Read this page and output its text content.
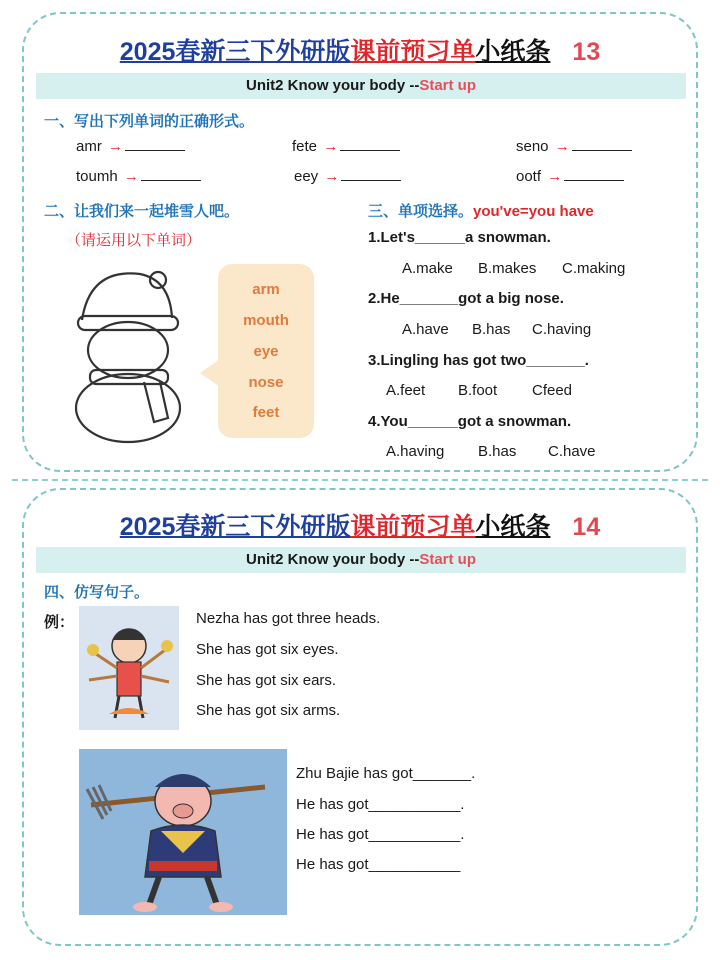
2025春新三下外研版课前预习单小纸条 13
Unit2 Know your body --Start up
一、写出下列单词的正确形式。
amr →	fete →	seno →
toumh →	eey →	ootf →
二、让我们来一起堆雪人吧。
（请运用以下单词）
arm
mouth
eye
nose
feet
三、单项选择。you've=you have
1.Let's______a snowman.
A.make B.makes C.making
2.He_______got a big nose.
A.have B.has C.having
3.Lingling has got two_______.
A.feet B.foot Cfeed
4.You______got a snowman.
A.having B.has C.have
2025春新三下外研版课前预习单小纸条 14
Unit2 Know your body --Start up
四、仿写句子。
例：	Nezha has got three heads.
She has got six eyes.
She has got six ears.
She has got six arms.
Zhu Bajie has got_______.
He has got___________.
He has got___________.
He has got___________
